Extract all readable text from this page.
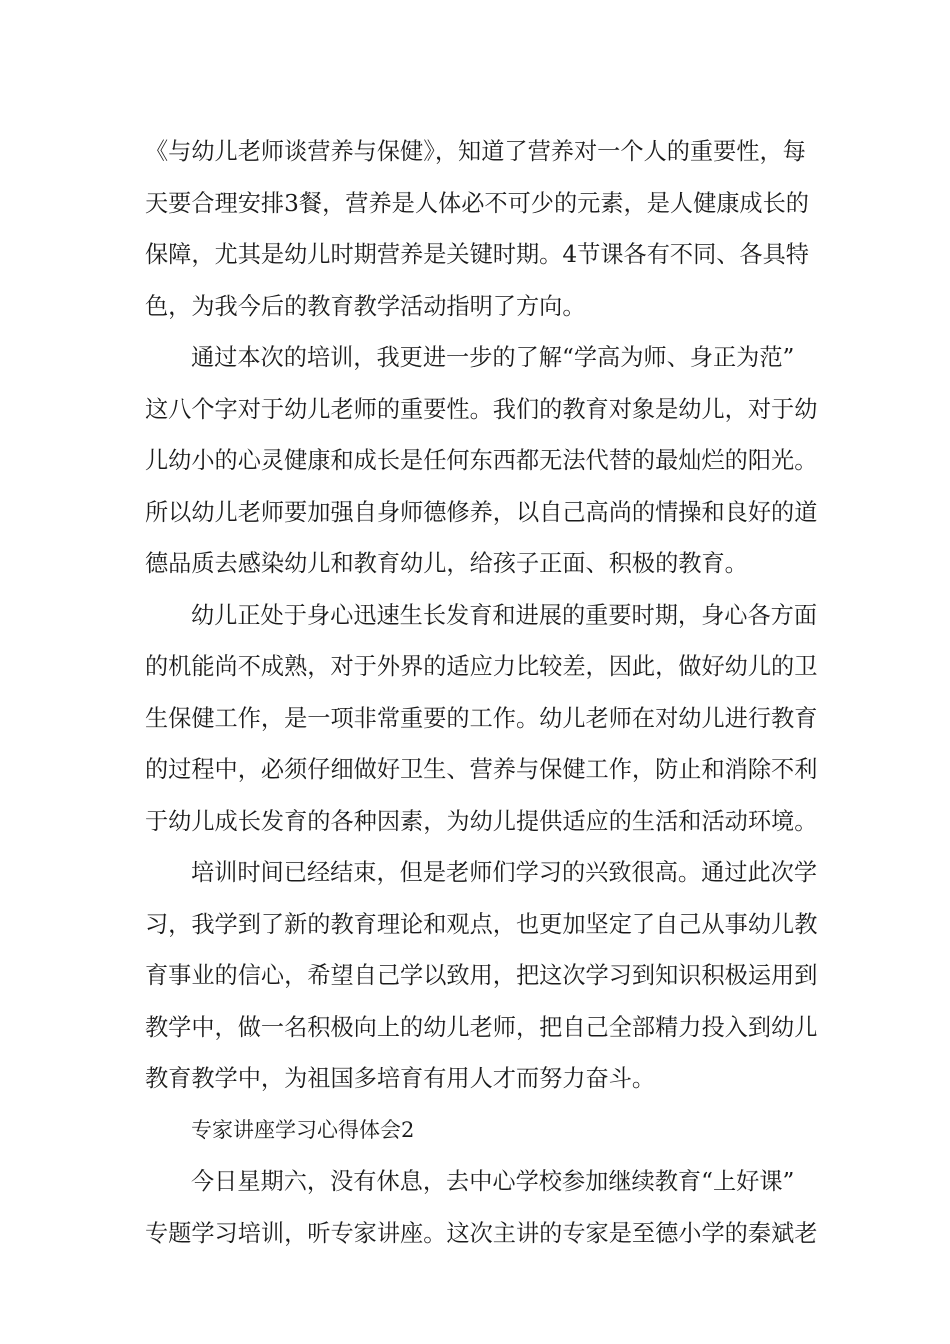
《与幼儿老师谈营养与保健》，知道了营养对一个人的重要性，每
天要合理安排3餐，营养是人体必不可少的元素，是人健康成长的
保障，尤其是幼儿时期营养是关键时期。4节课各有不同、各具特
色，为我今后的教育教学活动指明了方向。
通过本次的培训，我更进一步的了解“学高为师、身正为范”
这八个字对于幼儿老师的重要性。我们的教育对象是幼儿，对于幼
儿幼小的心灵健康和成长是任何东西都无法代替的最灿烂的阳光。
所以幼儿老师要加强自身师德修养，以自己高尚的情操和良好的道
德品质去感染幼儿和教育幼儿，给孩子正面、积极的教育。
幼儿正处于身心迅速生长发育和进展的重要时期，身心各方面
的机能尚不成熟，对于外界的适应力比较差，因此，做好幼儿的卫
生保健工作，是一项非常重要的工作。幼儿老师在对幼儿进行教育
的过程中，必须仔细做好卫生、营养与保健工作，防止和消除不利
于幼儿成长发育的各种因素，为幼儿提供适应的生活和活动环境。
培训时间已经结束，但是老师们学习的兴致很高。通过此次学
习，我学到了新的教育理论和观点，也更加坚定了自己从事幼儿教
育事业的信心，希望自己学以致用，把这次学习到知识积极运用到
教学中，做一名积极向上的幼儿老师，把自己全部精力投入到幼儿
教育教学中，为祖国多培育有用人才而努力奋斗。
专家讲座学习心得体会2
今日星期六，没有休息，去中心学校参加继续教育“上好课”
专题学习培训，听专家讲座。这次主讲的专家是至德小学的秦斌老
